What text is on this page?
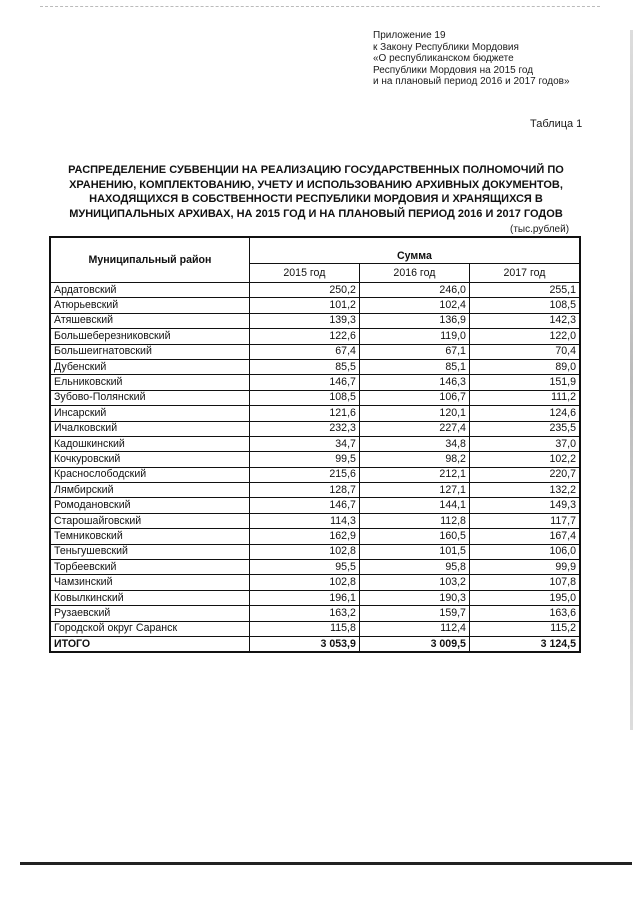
Приложение 19
к Закону Республики Мордовия
«О республиканском бюджете
Республики Мордовия на 2015 год
и на плановый период 2016 и 2017 годов»
Таблица 1
РАСПРЕДЕЛЕНИЕ СУБВЕНЦИИ НА РЕАЛИЗАЦИЮ ГОСУДАРСТВЕННЫХ ПОЛНОМОЧИЙ ПО
ХРАНЕНИЮ, КОМПЛЕКТОВАНИЮ, УЧЕТУ И ИСПОЛЬЗОВАНИЮ АРХИВНЫХ ДОКУМЕНТОВ,
НАХОДЯЩИХСЯ В СОБСТВЕННОСТИ РЕСПУБЛИКИ МОРДОВИЯ И ХРАНЯЩИХСЯ В
МУНИЦИПАЛЬНЫХ АРХИВАХ, НА 2015 ГОД И НА ПЛАНОВЫЙ ПЕРИОД 2016 И 2017 ГОДОВ
(тыс.рублей)
Муниципальный район	Сумма		
	2015 год	2016 год	2017 год
Ардатовский	250,2	246,0	255,1
Атюрьевский	101,2	102,4	108,5
Атяшевский	139,3	136,9	142,3
Большеберезниковский	122,6	119,0	122,0
Большеигнатовский	67,4	67,1	70,4
Дубенский	85,5	85,1	89,0
Ельниковский	146,7	146,3	151,9
Зубово-Полянский	108,5	106,7	111,2
Инсарский	121,6	120,1	124,6
Ичалковский	232,3	227,4	235,5
Кадошкинский	34,7	34,8	37,0
Кочкуровский	99,5	98,2	102,2
Краснослободский	215,6	212,1	220,7
Лямбирский	128,7	127,1	132,2
Ромодановский	146,7	144,1	149,3
Старошайговский	114,3	112,8	117,7
Темниковский	162,9	160,5	167,4
Теньгушевский	102,8	101,5	106,0
Торбеевский	95,5	95,8	99,9
Чамзинский	102,8	103,2	107,8
Ковылкинский	196,1	190,3	195,0
Рузаевский	163,2	159,7	163,6
Городской округ Саранск	115,8	112,4	115,2
ИТОГО	3 053,9	3 009,5	3 124,5
